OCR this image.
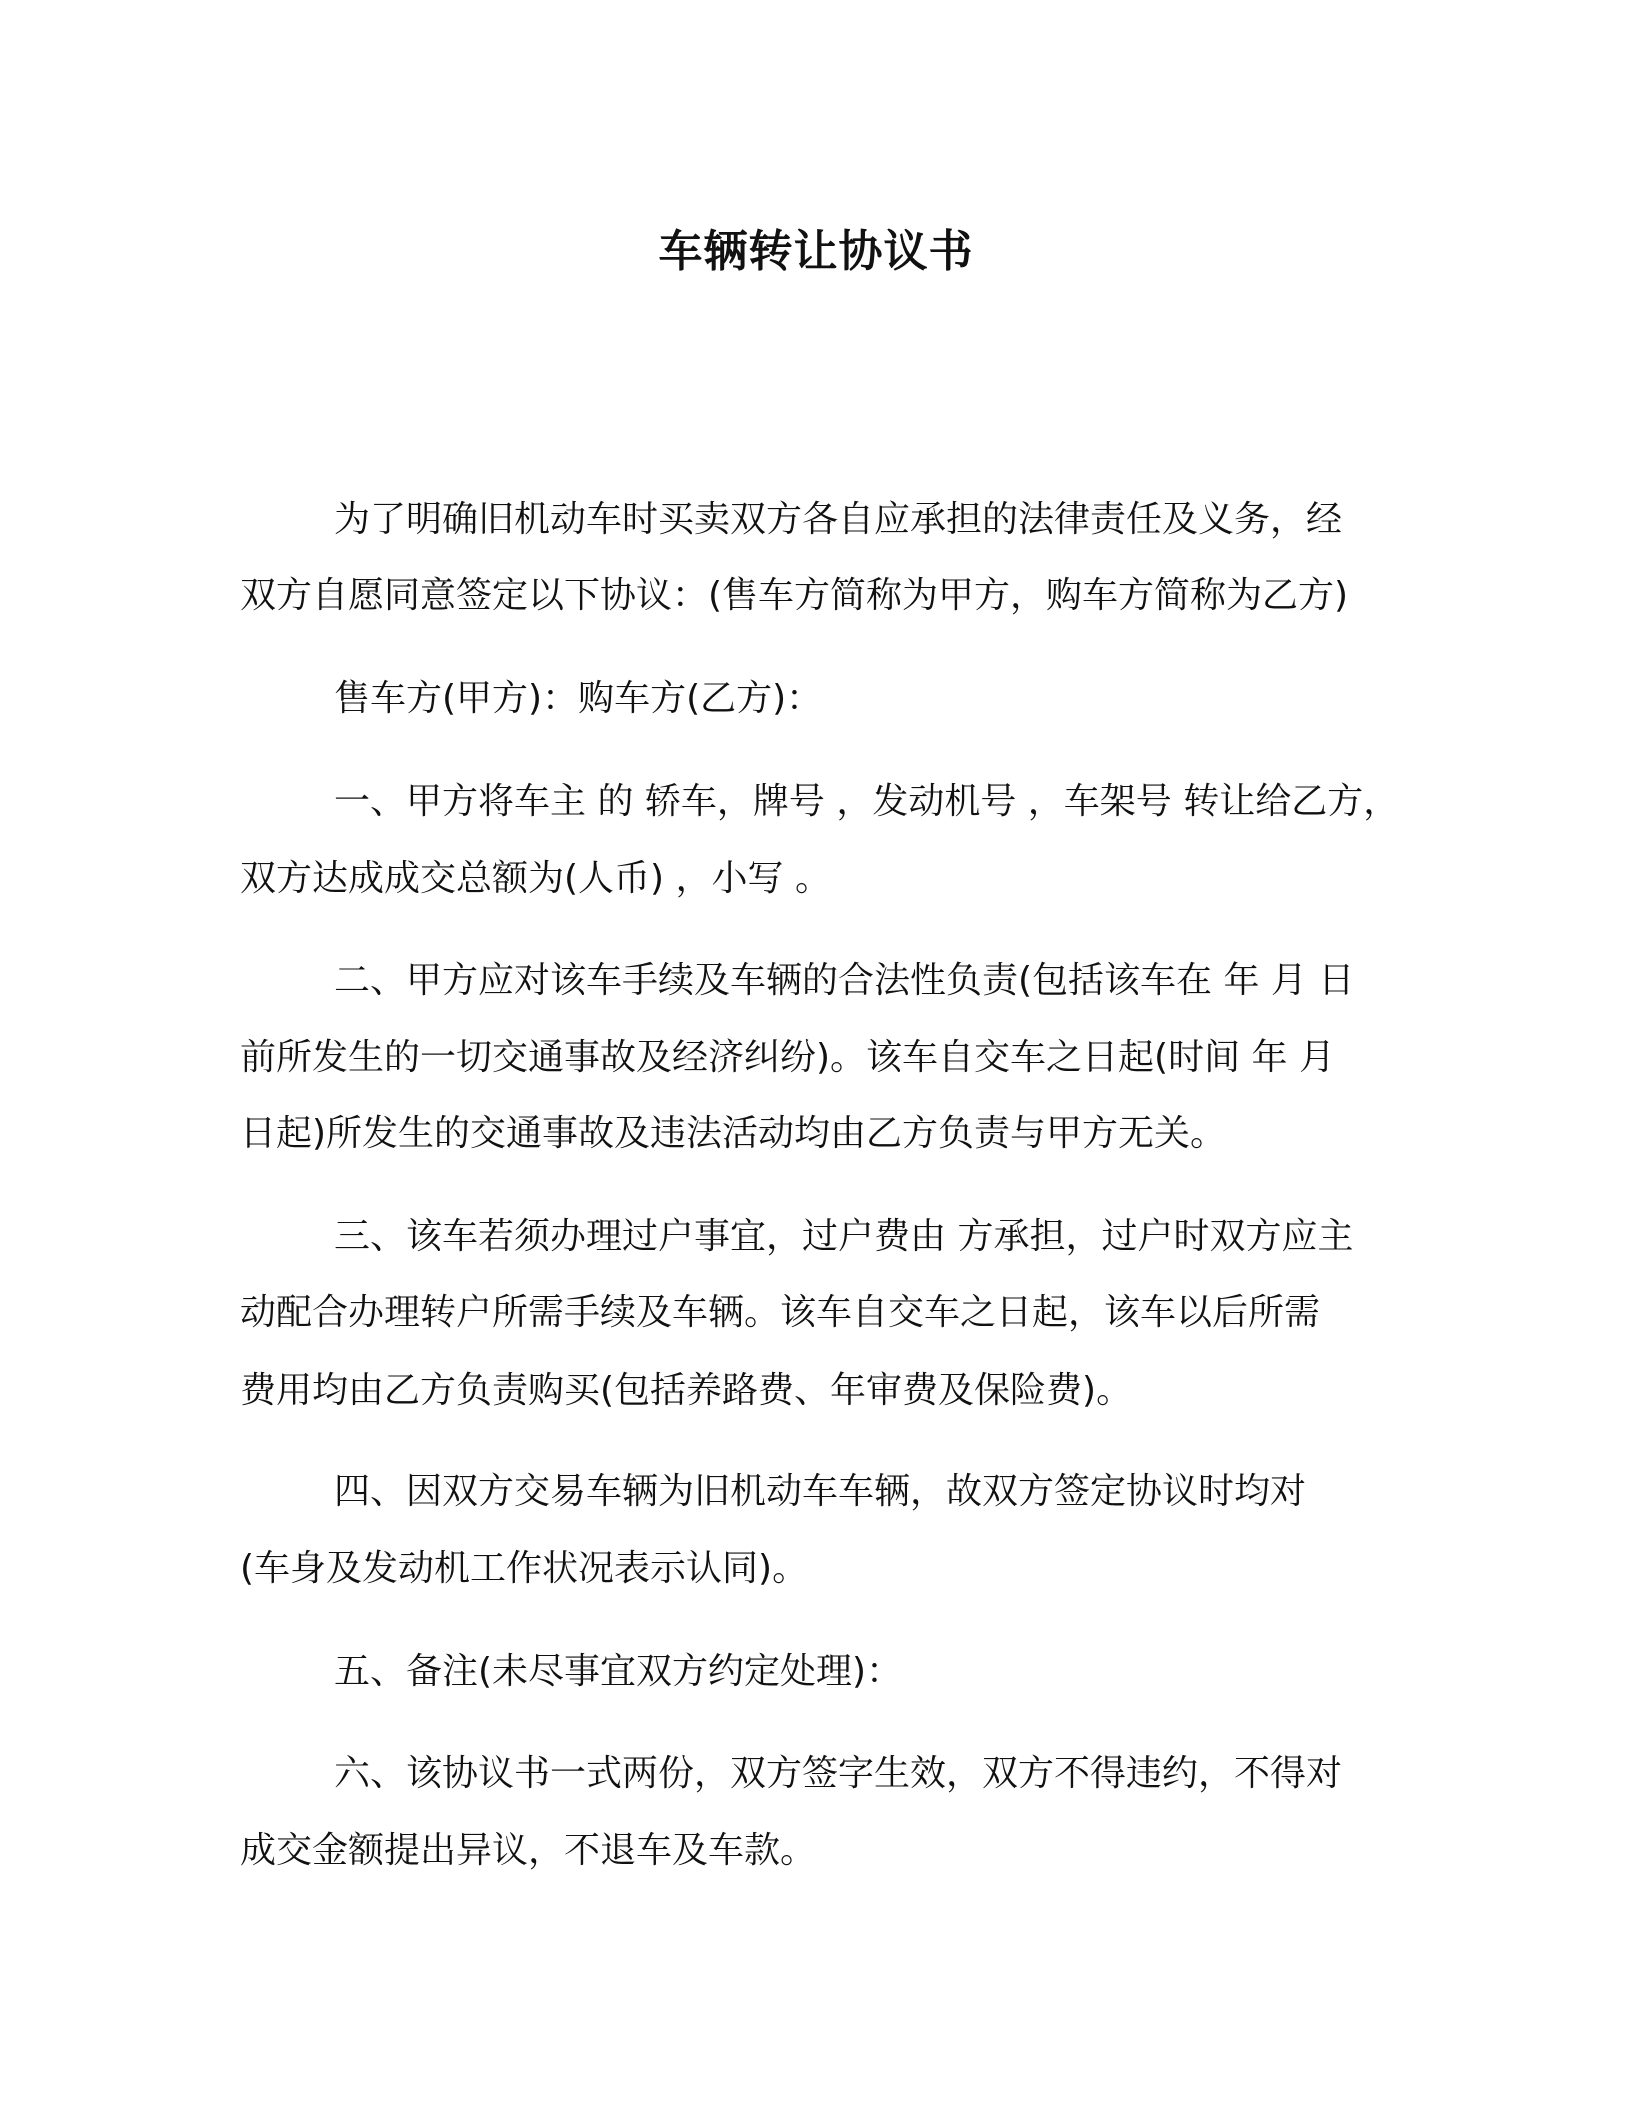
车辆转让协议书
为了明确旧机动车时买卖双方各自应承担的法律责任及义务，经
双方自愿同意签定以下协议：(售车方简称为甲方，购车方简称为乙方)
售车方(甲方)：购车方(乙方)：
一、甲方将车主 的 轿车，牌号 ，发动机号 ，车架号 转让给乙方，
双方达成成交总额为(人币) ，小写 。
二、甲方应对该车手续及车辆的合法性负责(包括该车在 年 月 日
前所发生的一切交通事故及经济纠纷)。该车自交车之日起(时间 年 月
日起)所发生的交通事故及违法活动均由乙方负责与甲方无关。
三、该车若须办理过户事宜，过户费由 方承担，过户时双方应主
动配合办理转户所需手续及车辆。该车自交车之日起，该车以后所需
费用均由乙方负责购买(包括养路费、年审费及保险费)。
四、因双方交易车辆为旧机动车车辆，故双方签定协议时均对
(车身及发动机工作状况表示认同)。
五、备注(未尽事宜双方约定处理)：
六、该协议书一式两份，双方签字生效，双方不得违约，不得对
成交金额提出异议，不退车及车款。
